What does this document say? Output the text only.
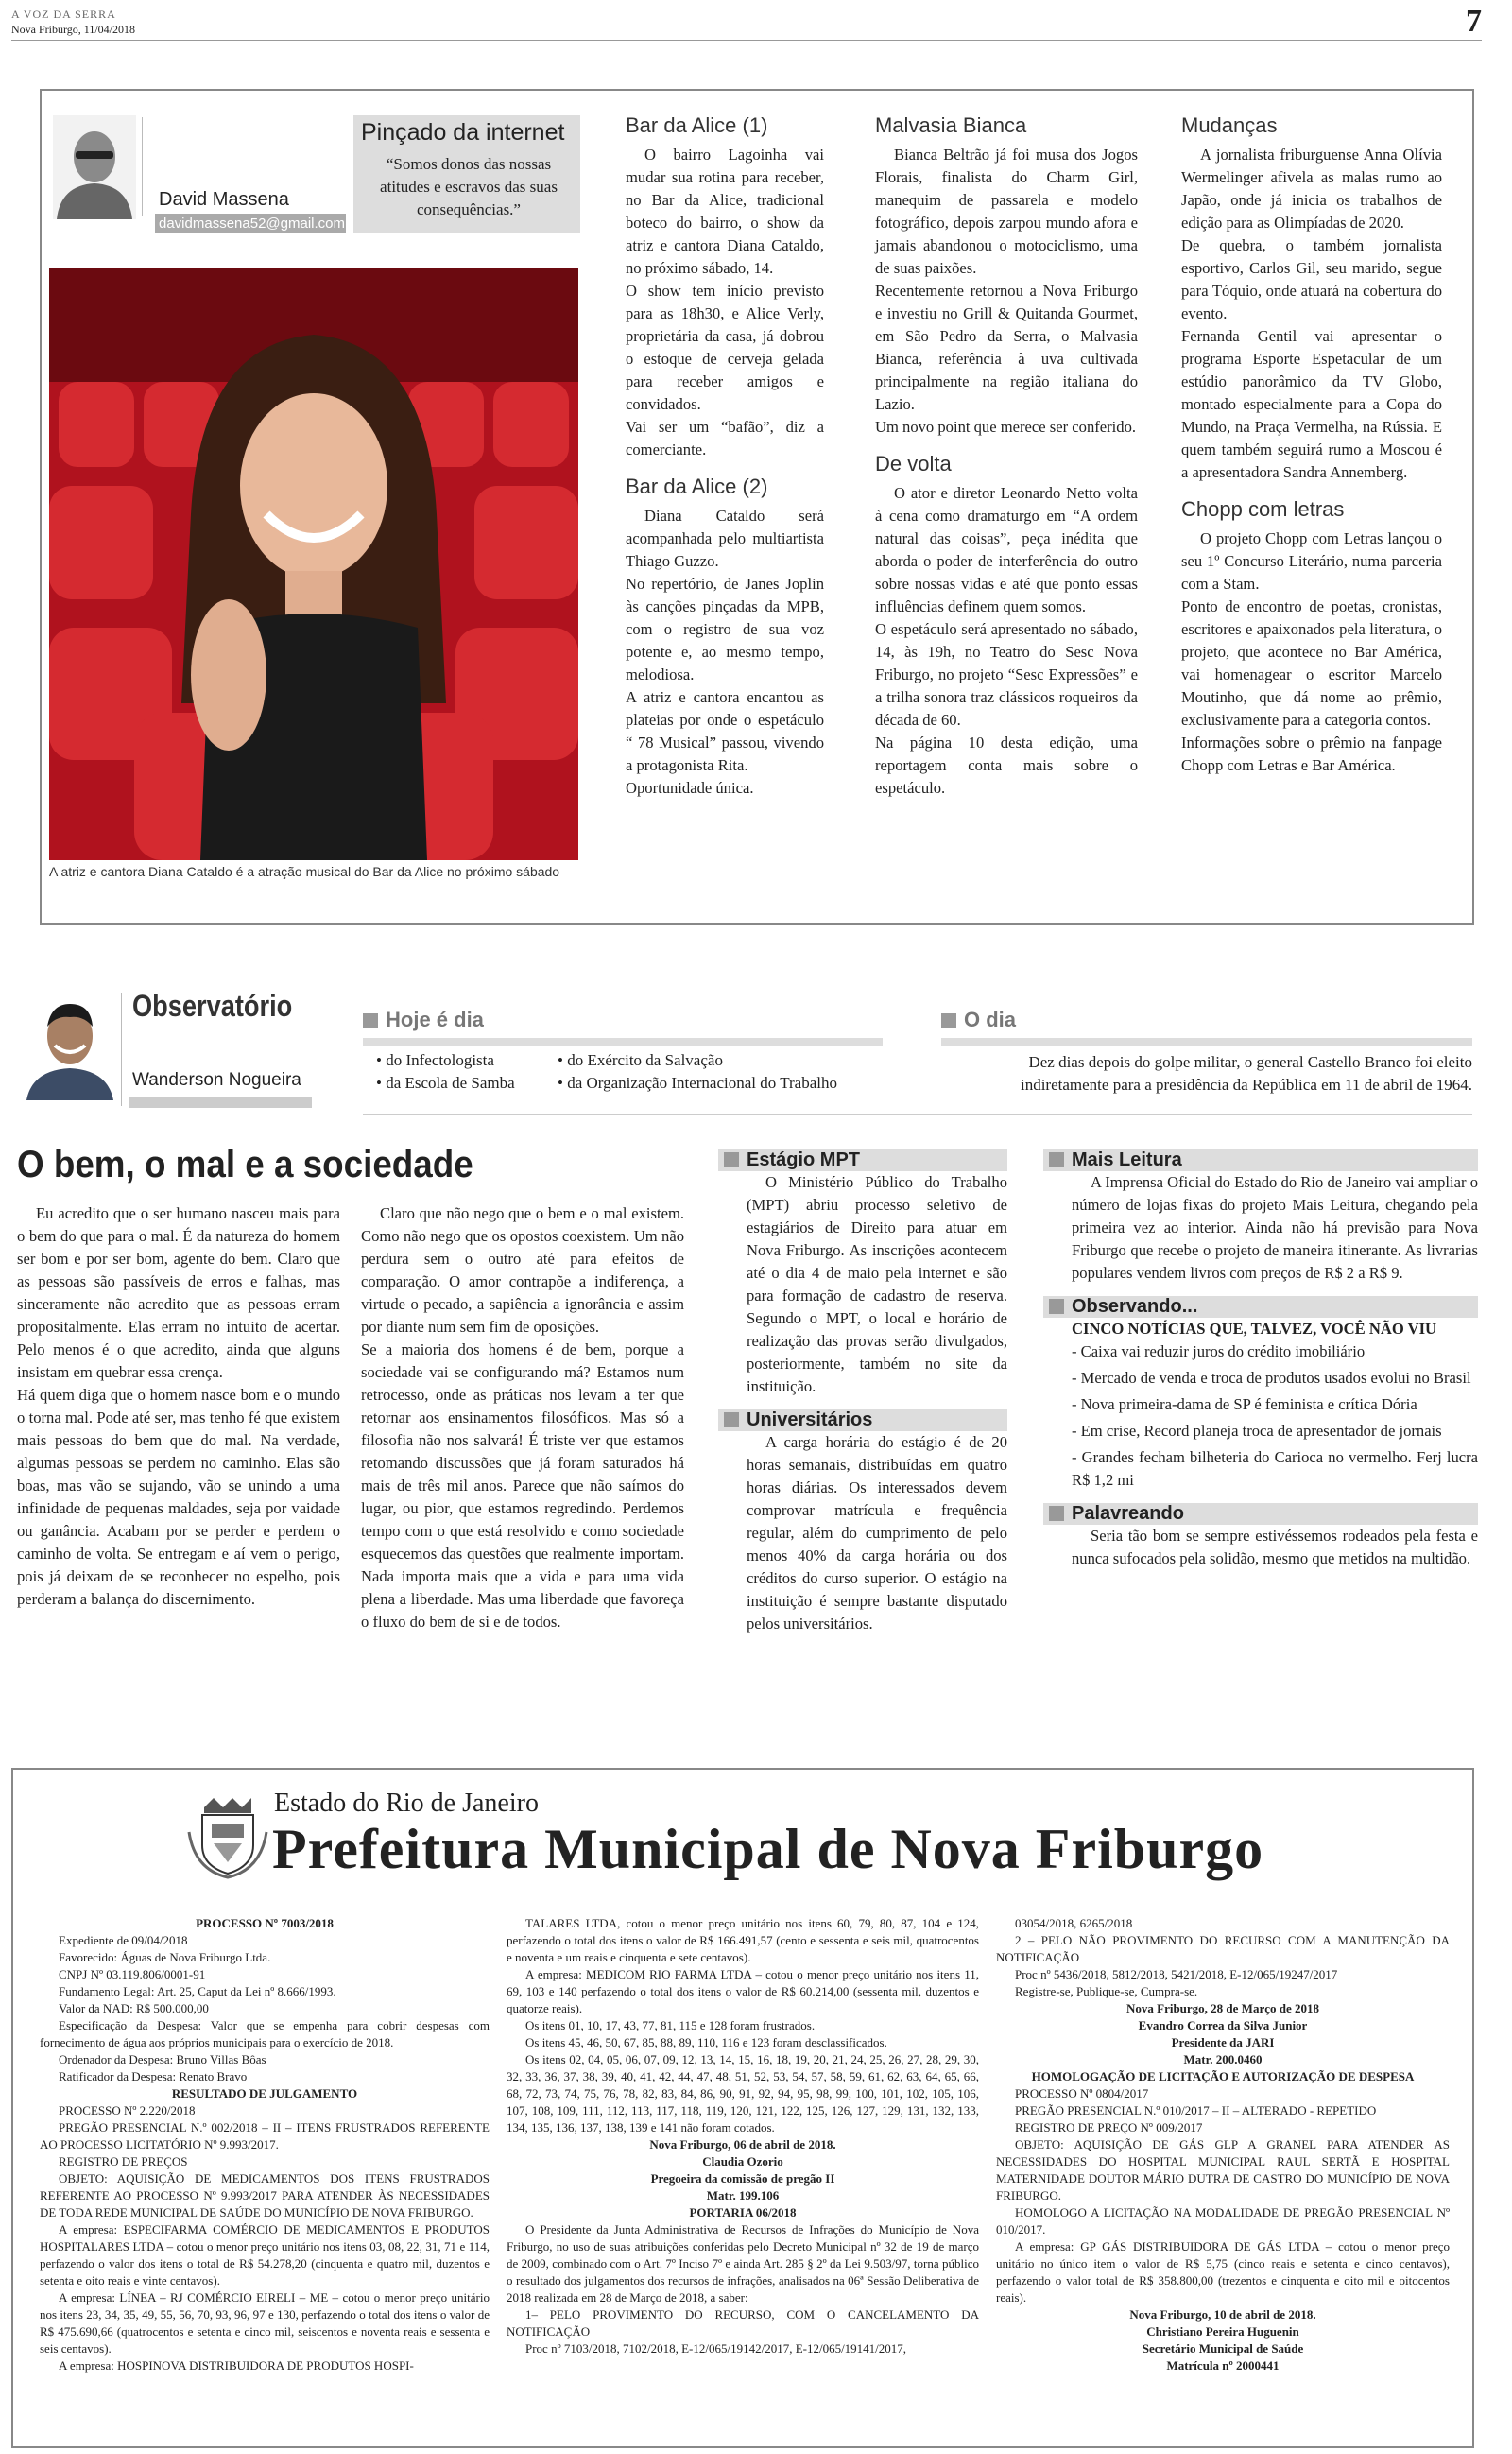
A VOZ DA SERRA
Nova Friburgo, 11/04/2018	7
David Massena
davidmassena52@gmail.com
Pinçado da internet
“Somos donos das nossas atitudes e escravos das suas consequências.”
A atriz e cantora Diana Cataldo é a atração musical do Bar da Alice no próximo sábado
Bar da Alice (1)

O bairro Lagoinha vai mudar sua rotina para receber, no Bar da Alice, tradicional boteco do bairro, o show da atriz e cantora Diana Cataldo, no próximo sábado, 14.

O show tem início previsto para as 18h30, e Alice Verly, proprietária da casa, já dobrou o estoque de cerveja gelada para receber amigos e convidados.

Vai ser um “bafão”, diz a comerciante.

Bar da Alice (2)

Diana Cataldo será acompanhada pelo multiartista Thiago Guzzo.

No repertório, de Janes Joplin às canções pinçadas da MPB, com o registro de sua voz potente e, ao mesmo tempo, melodiosa.

A atriz e cantora encantou as plateias por onde o espetáculo “ 78 Musical” passou, vivendo a protagonista Rita.

Oportunidade única.

Malvasia Bianca

Bianca Beltrão já foi musa dos Jogos Florais, finalista do Charm Girl, manequim de passarela e modelo fotográfico, depois zarpou mundo afora e jamais abandonou o motociclismo, uma de suas paixões.

Recentemente retornou a Nova Friburgo e investiu no Grill & Quitanda Gourmet, em São Pedro da Serra, o Malvasia Bianca, referência à uva cultivada principalmente na região italiana do Lazio.

Um novo point que merece ser conferido.

De volta

O ator e diretor Leonardo Netto volta à cena como dramaturgo em “A ordem natural das coisas”, peça inédita que aborda o poder de interferência do outro sobre nossas vidas e até que ponto essas influências definem quem somos.

O espetáculo será apresentado no sábado, 14, às 19h, no Teatro do Sesc Nova Friburgo, no projeto “Sesc Expressões” e a trilha sonora traz clássicos roqueiros da década de 60.

Na página 10 desta edição, uma reportagem conta mais sobre o espetáculo.

Mudanças

A jornalista friburguense Anna Olívia Wermelinger afivela as malas rumo ao Japão, onde já inicia os trabalhos de edição para as Olimpíadas de 2020.

De quebra, o também jornalista esportivo, Carlos Gil, seu marido, segue para Tóquio, onde atuará na cobertura do evento.

Fernanda Gentil vai apresentar o programa Esporte Espetacular de um estúdio panorâmico da TV Globo, montado especialmente para a Copa do Mundo, na Praça Vermelha, na Rússia. E quem também seguirá rumo a Moscou é a apresentadora Sandra Annemberg.

Chopp com letras

O projeto Chopp com Letras lançou o seu 1º Concurso Literário, numa parceria com a Stam.

Ponto de encontro de poetas, cronistas, escritores e apaixonados pela literatura, o projeto, que acontece no Bar América, vai homenagear o escritor Marcelo Moutinho, que dá nome ao prêmio, exclusivamente para a categoria contos.

Informações sobre o prêmio na fanpage Chopp com Letras e Bar América.

Observatório
Wanderson Nogueira
Hoje é dia
• do Infectologista
• da Escola de Samba
• do Exército da Salvação
• da Organização Internacional do Trabalho
O dia
Dez dias depois do golpe militar, o general Castello Branco foi eleito indiretamente para a presidência da República em 11 de abril de 1964.
O bem, o mal e a sociedade

Eu acredito que o ser humano nasceu mais para o bem do que para o mal. É da natureza do homem ser bom e por ser bom, agente do bem. Claro que as pessoas são passíveis de erros e falhas, mas sinceramente não acredito que as pessoas erram propositalmente. Elas erram no intuito de acertar. Pelo menos é o que acredito, ainda que alguns insistam em quebrar essa crença.

Há quem diga que o homem nasce bom e o mundo o torna mal. Pode até ser, mas tenho fé que existem mais pessoas do bem que do mal. Na verdade, algumas pessoas se perdem no caminho. Elas são boas, mas vão se sujando, vão se unindo a uma infinidade de pequenas maldades, seja por vaidade ou ganância. Acabam por se perder e perdem o caminho de volta. Se entregam e aí vem o perigo, pois já deixam de se reconhecer no espelho, pois perderam a balança do discernimento.

Claro que não nego que o bem e o mal existem. Como não nego que os opostos coexistem. Um não perdura sem o outro até para efeitos de comparação. O amor contrapõe a indiferença, a virtude o pecado, a sapiência a ignorância e assim por diante num sem fim de oposições.

Se a maioria dos homens é de bem, porque a sociedade vai se configurando má? Estamos num retrocesso, onde as práticas nos levam a ter que retornar aos ensinamentos filosóficos. Mas só a filosofia não nos salvará! É triste ver que estamos retomando discussões que já foram saturados há mais de três mil anos. Parece que não saímos do lugar, ou pior, que estamos regredindo. Perdemos tempo com o que está resolvido e como sociedade esquecemos das questões que realmente importam. Nada importa mais que a vida e para uma vida plena a liberdade. Mas uma liberdade que favoreça o fluxo do bem de si e de todos.

Estágio MPT

O Ministério Público do Trabalho (MPT) abriu processo seletivo de estagiários de Direito para atuar em Nova Friburgo. As inscrições acontecem até o dia 4 de maio pela internet e são para formação de cadastro de reserva. Segundo o MPT, o local e horário de realização das provas serão divulgados, posteriormente, também no site da instituição.

Universitários

A carga horária do estágio é de 20 horas semanais, distribuídas em quatro horas diárias. Os interessados devem comprovar matrícula e frequência regular, além do cumprimento de pelo menos 40% da carga horária ou dos créditos do curso superior. O estágio na instituição é sempre bastante disputado pelos universitários.

Mais Leitura

A Imprensa Oficial do Estado do Rio de Janeiro vai ampliar o número de lojas fixas do projeto Mais Leitura, chegando pela primeira vez ao interior. Ainda não há previsão para Nova Friburgo que recebe o projeto de maneira itinerante. As livrarias populares vendem livros com preços de R$ 2 a R$ 9.

Observando...
CINCO NOTÍCIAS QUE, TALVEZ, VOCÊ NÃO VIU

- Caixa vai reduzir juros do crédito imobiliário

- Mercado de venda e troca de produtos usados evolui no Brasil

- Nova primeira-dama de SP é feminista e crítica Dória

- Em crise, Record planeja troca de apresentador de jornais

- Grandes fecham bilheteria do Carioca no vermelho. Ferj lucra R$ 1,2 mi

Palavreando

Seria tão bom se sempre estivéssemos rodeados pela festa e nunca sufocados pela solidão, mesmo que metidos na multidão.

Estado do Rio de Janeiro
Prefeitura Municipal de Nova Friburgo

PROCESSO Nº 7003/2018

Expediente de 09/04/2018

Favorecido: Águas de Nova Friburgo Ltda.

CNPJ Nº 03.119.806/0001-91

Fundamento Legal: Art. 25, Caput da Lei nº 8.666/1993.

Valor da NAD: R$ 500.000,00

Especificação da Despesa: Valor que se empenha para cobrir despesas com fornecimento de água aos próprios municipais para o exercício de 2018.

Ordenador da Despesa: Bruno Villas Bôas

Ratificador da Despesa: Renato Bravo

RESULTADO DE JULGAMENTO

PROCESSO Nº 2.220/2018

PREGÃO PRESENCIAL N.º 002/2018 – II – ITENS FRUSTRADOS REFERENTE AO PROCESSO LICITATÓRIO Nº 9.993/2017.

REGISTRO DE PREÇOS

OBJETO: AQUISIÇÃO DE MEDICAMENTOS DOS ITENS FRUSTRADOS REFERENTE AO PROCESSO Nº 9.993/2017 PARA ATENDER ÀS NECESSIDADES DE TODA REDE MUNICIPAL DE SAÚDE DO MUNICÍPIO DE NOVA FRIBURGO.

A empresa: ESPECIFARMA COMÉRCIO DE MEDICAMENTOS E PRODUTOS HOSPITALARES LTDA – cotou o menor preço unitário nos itens 03, 08, 22, 31, 71 e 114, perfazendo o valor dos itens o total de R$ 54.278,20 (cinquenta e quatro mil, duzentos e setenta e oito reais e vinte centavos).

A empresa: LÍNEA – RJ COMÉRCIO EIRELI – ME – cotou o menor preço unitário nos itens 23, 34, 35, 49, 55, 56, 70, 93, 96, 97 e 130, perfazendo o total dos itens o valor de R$ 475.690,66 (quatrocentos e setenta e cinco mil, seiscentos e noventa reais e sessenta e seis centavos).

A empresa: HOSPINOVA DISTRIBUIDORA DE PRODUTOS HOSPI-

TALARES LTDA, cotou o menor preço unitário nos itens 60, 79, 80, 87, 104 e 124, perfazendo o total dos itens o valor de R$ 166.491,57 (cento e sessenta e seis mil, quatrocentos e noventa e um reais e cinquenta e sete centavos).

A empresa: MEDICOM RIO FARMA LTDA – cotou o menor preço unitário nos itens 11, 69, 103 e 140 perfazendo o total dos itens o valor de R$ 60.214,00 (sessenta mil, duzentos e quatorze reais).

Os itens 01, 10, 17, 43, 77, 81, 115 e 128 foram frustrados.

Os itens 45, 46, 50, 67, 85, 88, 89, 110, 116 e 123 foram desclassificados.

Os itens 02, 04, 05, 06, 07, 09, 12, 13, 14, 15, 16, 18, 19, 20, 21, 24, 25, 26, 27, 28, 29, 30, 32, 33, 36, 37, 38, 39, 40, 41, 42, 44, 47, 48, 51, 52, 53, 54, 57, 58, 59, 61, 62, 63, 64, 65, 66, 68, 72, 73, 74, 75, 76, 78, 82, 83, 84, 86, 90, 91, 92, 94, 95, 98, 99, 100, 101, 102, 105, 106, 107, 108, 109, 111, 112, 113, 117, 118, 119, 120, 121, 122, 125, 126, 127, 129, 131, 132, 133, 134, 135, 136, 137, 138, 139 e 141 não foram cotados.

Nova Friburgo, 06 de abril de 2018.

Claudia Ozorio

Pregoeira da comissão de pregão II

Matr. 199.106

PORTARIA 06/2018

O Presidente da Junta Administrativa de Recursos de Infrações do Município de Nova Friburgo, no uso de suas atribuições conferidas pelo Decreto Municipal nº 32 de 19 de março de 2009, combinado com o Art. 7º Inciso 7º e ainda Art. 285 § 2º da Lei 9.503/97, torna público o resultado dos julgamentos dos recursos de infrações, analisados na 06ª Sessão Deliberativa de 2018 realizada em 28 de Março de 2018, a saber:

1– PELO PROVIMENTO DO RECURSO, COM O CANCELAMENTO DA NOTIFICAÇÃO

Proc nº 7103/2018, 7102/2018, E-12/065/19142/2017, E-12/065/19141/2017,

03054/2018, 6265/2018

2 – PELO NÃO PROVIMENTO DO RECURSO COM A MANUTENÇÃO DA NOTIFICAÇÃO

Proc nº 5436/2018, 5812/2018, 5421/2018, E-12/065/19247/2017

Registre-se, Publique-se, Cumpra-se.

Nova Friburgo, 28 de Março de 2018

Evandro Correa da Silva Junior

Presidente da JARI

Matr. 200.0460

HOMOLOGAÇÃO DE LICITAÇÃO E AUTORIZAÇÃO DE DESPESA

PROCESSO Nº 0804/2017

PREGÃO PRESENCIAL N.º 010/2017 – II – ALTERADO - REPETIDO

REGISTRO DE PREÇO Nº 009/2017

OBJETO: AQUISIÇÃO DE GÁS GLP A GRANEL PARA ATENDER AS NECESSIDADES DO HOSPITAL MUNICIPAL RAUL SERTÃ E HOSPITAL MATERNIDADE DOUTOR MÁRIO DUTRA DE CASTRO DO MUNICÍPIO DE NOVA FRIBURGO.

HOMOLOGO A LICITAÇÃO NA MODALIDADE DE PREGÃO PRESENCIAL Nº 010/2017.

A empresa: GP GÁS DISTRIBUIDORA DE GÁS LTDA – cotou o menor preço unitário no único item o valor de R$ 5,75 (cinco reais e setenta e cinco centavos), perfazendo o valor total de R$ 358.800,00 (trezentos e cinquenta e oito mil e oitocentos reais).

Nova Friburgo, 10 de abril de 2018.

Christiano Pereira Huguenin

Secretário Municipal de Saúde

Matrícula nº 2000441
